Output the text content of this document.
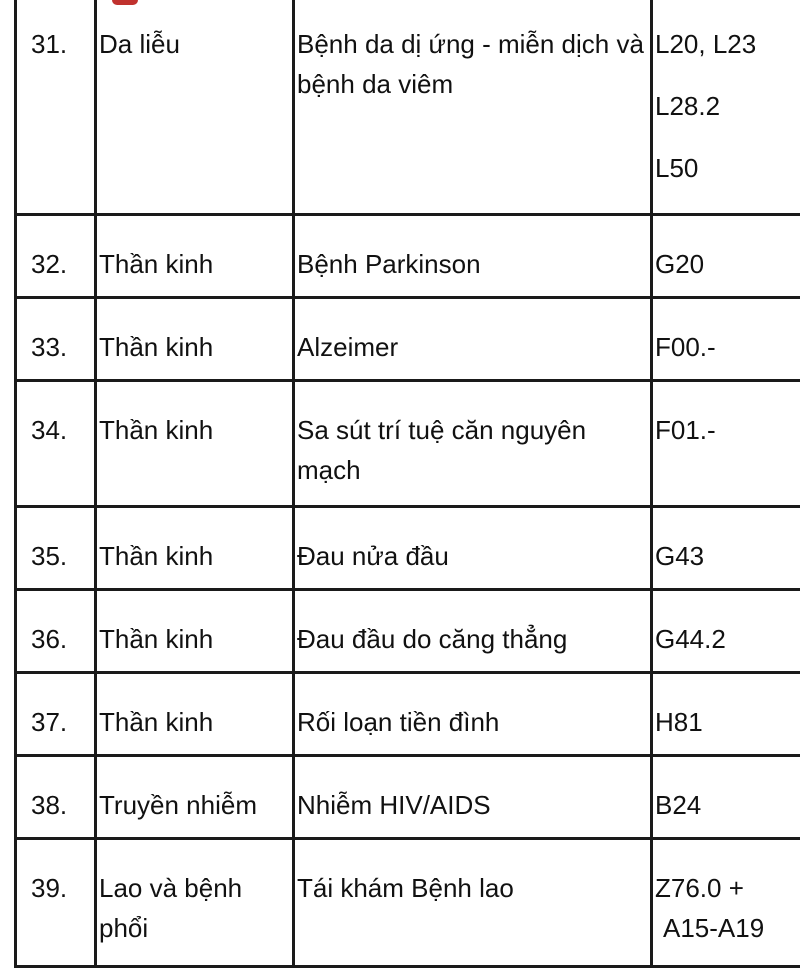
31.	Da liễu	Bệnh da dị ứng - miễn dịch và bệnh da viêm	L20, L23
L28.2
L50

32.	Thần kinh	Bệnh Parkinson	G20

33.	Thần kinh	Alzeimer	F00.-

34.	Thần kinh	Sa sút trí tuệ căn nguyên mạch	F01.-

35.	Thần kinh	Đau nửa đầu	G43

36.	Thần kinh	Đau đầu do căng thẳng	G44.2

37.	Thần kinh	Rối loạn tiền đình	H81

38.	Truyền nhiễm	Nhiễm HIV/AIDS	B24

39.	Lao và bệnh phổi	Tái khám Bệnh lao	Z76.0 +
A15-A19
